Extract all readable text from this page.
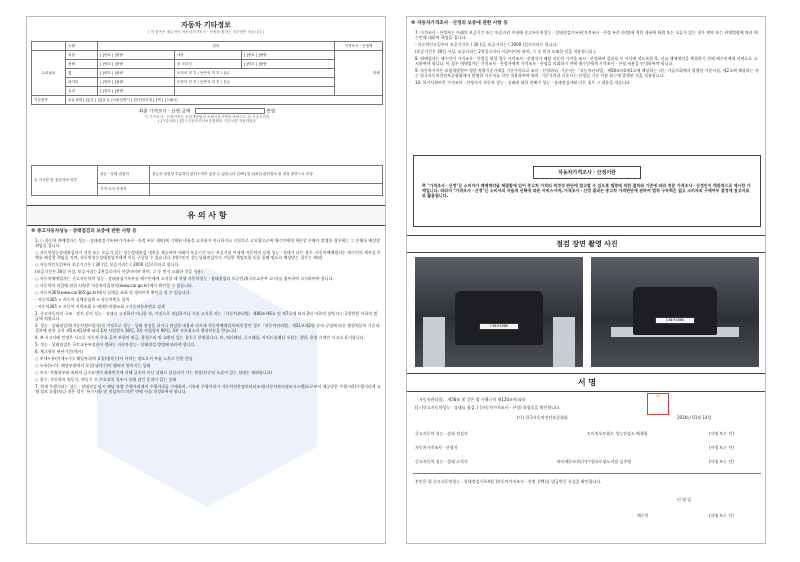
자동차 기타정보
( 이 항목은 매수인이 자동차가격조사ㆍ산정을 원하는 경우에만 적습니다 )
	수량	항목			가격조사ㆍ산정액
수리필요	외장	[ ]양호 [ ]불량	내장	[ ]양호 [ ]불량	만원
	광택	[ ]양호 [ ]불량	룸 크리닝	[ ]양호 [ ]불량	
	휠	[ ]양호 [ ]불량	운전석 전 후 / 동반석 전 후 / 응급		
	타이어	[ ]양호 [ ]불량	운전석 전 후 / 동반석 전 후 / 응급		
	유리	[ ]양호 [ ]불량			
기본품목	보유상태 [ ]없음 [ ]있음 ([ ]사용설명서 [ ]안전삼각대 [ ]잭 [ ]스패너)				
최종 가격조사ㆍ산정 금액	만원
이 가격조사ㆍ산정가격은 보험개발원의 차량기준가액을 바탕으로 한 기준가격과
[ ]기술사회 [ ]한국자동차진단보증협회의 기준서를 적용하였음
특 기사항 및 점검자의 의견	성능ㆍ상태 점검자	성능과 평점상 부분적인 판단도착이 있을 수 있습니다. [TIP] 및 위치점 판단정보 및 대상 판단으로 부영
	가격 조사 산정자	
유 의 사 항
※ 중고자동차성능ㆍ상태점검의 보증에 관한 사항 등

1. ○ 자동차 매매업자는 성능ㆍ상태점검기록부(가격조사ㆍ산정 부분 제외)에 기재된 내용을 고지하지 아니하거나 거짓으로 고지함으로써 매수인에게 재산상 손해가 발생한 경우에는 그 손해를 배상할 책임을 집니다.

○ 자동차성능상태점검자가 거짓 또는 오류가 있는 성능상태점검 내용을 제공하여 아래의 보증기간 또는 보증거리 이내에 자동차의 실제 성능ㆍ상태가 다른 경우, 자동차매매업자는 매수인의 재산상 손해를 배상할 책임을 지며, 자동차성능상태점검자에게 이를 구상할 수 있습니다. (매수인이 성능상태점검자가 가입한 책임보험 등을 통해 별도로 배상받는 경우는 제외)

○ 자동차인도일부터 보증기간은 ( 30 )일, 보증거리는 ( 2000 )킬로미터로 합니다.

(보증기간은 30일 이상, 보증거리는 2천킬로미터 이상이어야 하며, 그 중 먼저 도래한 것을 적용)

○ 자동차매매업자는 중고자동차의 성능ㆍ상태점검기록부를 매수인에게 고지할 때 현행 자동차성능ㆍ상태점검의 보증범위(국토교통부 고시)를 첨부하여 고지하여야 합니다.

○ 자동차의 리콜에 관한 사항은 자동차리콜센터(www.car.go.kr)에서 확인할 수 있습니다.

○ 자동차365(www.car365.go.kr)에서 실매물 조회 및 정비이력 확인을 할 수 있습니다.

- 자동차365 > 자동차 실매물검색 > 자동차번호 입력

- 자동차365 > 자동차 이력조회 > 매매동차량조회 >자동차등록번호 검색

2. 중고자동차의 구조ㆍ장치 등의 성능ㆍ상태를 고지하지 아니한 자, 거짓으로 점검하거나 거짓 고지한 자는「자동차관리법」제80조제6호 및 제7호에 따라 2년 이하의 징역 또는 2천만원 이하의 벌금에 처합니다.

3. 성능ㆍ상태점검자(자동차정비업자)가 거짓으로 성능ㆍ상태 점검을 하거나 점검한 내용과 다르게 자동차매매업자에게 알린 경우「자동차관리법」제21조제2항 등의 규정에 따른 행정처분의 기준과 절차에 관한 규칙 제5조제1항에 따라 1차 사업정지 30일, 2차 사업정지 90일, 3차 등록취소의 행정처분을 받습니다.

4. ※ 시고이에 인정은 사고로 자동차 주요 골격 부위의 판금, 용접수리 및 교환이 있는 경우로 한정합니다. 단, 쿼터패널, 루프패널, 사이드실패널 부위는 절단, 용접 시에만 사고로 표기합니다.

5. 성능ㆍ상태점검은 국토교통부장관이 정하는 자동차성능ㆍ상태점검 방법에 따라야 합니다.

6. 체크항목 판단기준(예시)

○ 미세누유(미세누수): 해당부위에 오일(냉각수)이 비치는 정도로서 부품 노후로 인한 현상

○ 누유(누수): 해당부위에서 오일(냉각수)이 맺혀서 떨어지는 상태

○ 부식: 차량하부와 외판의 금속표면이 화학반응에 의해 금속이 아닌 상태로 상실되어 가는 현상(단순히 녹슬어 있는 상태는 제외합니다)

○ 침수: 자동차의 원동기, 변속기 등 주요장치 일부가 물에 잠긴 흔적이 있는 상태

7. 현재 주행거리는 성능ㆍ상태점검 당시 해당 차량 주행거리계의 주행거리를 기재하며, 기록된 주행거리가 자동차전산정보처리조직(자동차관리정보시스템)으로부터 제공받은 주행거리(주행거리계 교체 정보 포함)보다 적은 경우 '특기사항 및 점검자의 의견' 란에 이를 작성하여야 합니다.

※ 자동차가격조사ㆍ산정의 보증에 관한 사항 등

7. 가격조사ㆍ산정자는 아래의 보증기간 또는 보증거리 이내에 중고자동차성능ㆍ상태점검기록부(가격조사ㆍ산정 부분 한정)에 적힌 내용에 허위 또는 오류가 있는 경우 계약 또는 관계법령에 따라 매수인에 대하여 책임을 집니다.

- 자동차인도일부터 보증기간은 ( 30 )일, 보증거리는 ( 2000 )킬로미터로 합니다.

(보증기간은 30일 이상, 보증거리는 2천킬로미터 이상이어야 하며, 그 중 먼저 도래한 것을 적용합니다.)

8. 매매업자는 매수인이 가격조사ㆍ산정을 원할 경우 가격조사ㆍ산정자가 해당 자동차 가격을 조사ㆍ산정하여 결과를 이 서식에 적도록한 후, 이를 매매계약을 체결하기 전에 매수인에게 서면으로 고지하여야 합니다. 이 경우 매매업자는 가격조사ㆍ산정자에게 가격조사ㆍ산정을 의뢰하기 전에 매수인에게 가격조사ㆍ산정 비용을 안내하여야 합니다.

9. 자동차가격은 보험개발원이 정한 차량기준가액을 기준가격으로 조사ㆍ산정하되, 기준서는「자동차관리법」제58조의4제1호에 해당하는 자는 기술사회에서 발행한 기준서를, 제2호에 해당하는 자는 한국자동차진단보증협회에서 발행한 기준서를 각각 적용하여야 하며, 기준가격과 기준서는 산정일 기준 가장 최근에 발행된 것을 적용합니다.

10. 특기사항란은 가격조사ㆍ산정자가 자동차 성능ㆍ상태에 대한 견해가 성능ㆍ상태점검자와 다른 경우 그 내용을 적습니다.

자동차가격조사ㆍ산정이란
※ "가격조사ㆍ산정"은 소비자가 매매계약을 체결함에 있어 중고차 가격의 적정성 판단에 참고할 수 있도록 법령에 의한 절차와 기준에 따라 전문 가격조사ㆍ산정인이 객관적으로 제시한 가액입니다. 따라서 "가격조사ㆍ산정"은 소비자의 자율적 선택에 따른 서비스이며, 가격조사ㆍ산정 결과는 중고차 가격판단에 관하여 법적 구속력은 없고 소비자의 구매여부 결정에 참고자료로 활용됩니다.
점검 장면 촬영 사진
138보4580
138보4580
서 명
「자동차관리법」 제58조 및 같은 법 시행규칙 제120조에 따라
([✓]중고자동차성능ㆍ상태를 점검, [ ]자동차가격조사ㆍ산정) 하였음을 확인합니다.
(사) 한국자동차진단보증협회	2026년 01월 14일
印
중고자동차 성능ㆍ상태 점검자	도이치오토월드 성능점검소 배재형	(서명 또는 인)
자동차가격조사ㆍ산정자	(서명 또는 인)
중고자동차 성능ㆍ상태 고지자	바이에른오토(주)수원오토월드지점 김주영	(서명 또는 인)
본인은 위 중고자동차성능ㆍ상태점검기록부([ ]자동차가격조사ㆍ산정 선택)를 발급받은 사실을 확인합니다.
년 월 일
매수인	(서명 또는 인)
